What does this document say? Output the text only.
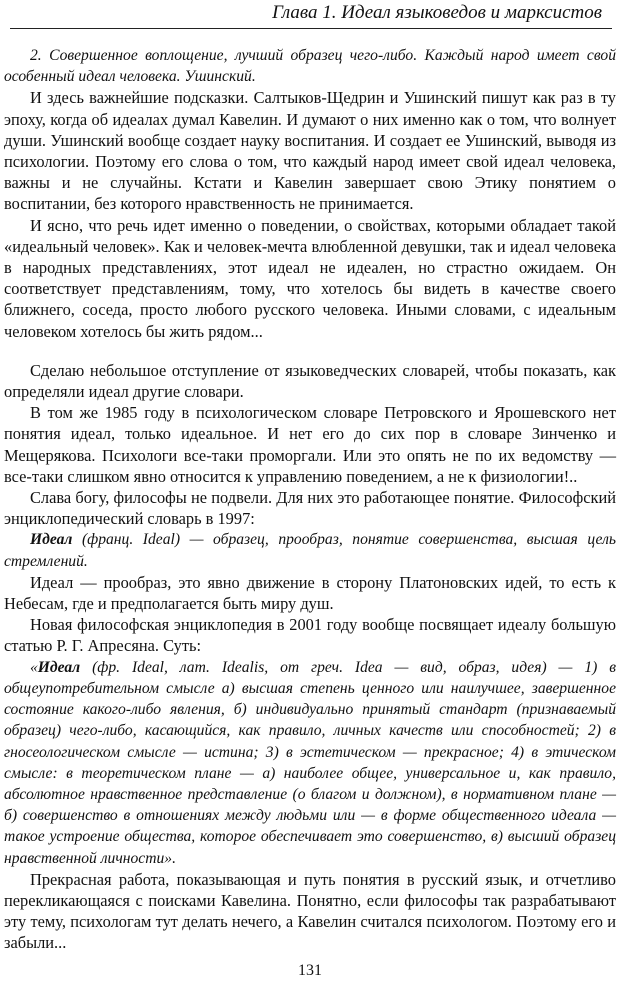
Глава 1. Идеал языковедов и марксистов

2. Совершенное воплощение, лучший образец чего-либо. Каждый народ имеет свой особенный идеал человека. Ушинский.

И здесь важнейшие подсказки. Салтыков-Щедрин и Ушинский пишут как раз в ту эпоху, когда об идеалах думал Кавелин. И думают о них именно как о том, что волнует души. Ушинский вообще создает науку воспитания. И создает ее Ушинский, выводя из психологии. Поэтому его слова о том, что каждый народ имеет свой идеал человека, важны и не случайны. Кстати и Кавелин завершает свою Этику понятием о воспитании, без которого нравственность не принимается.

И ясно, что речь идет именно о поведении, о свойствах, которыми обладает такой «идеальный человек». Как и человек-мечта влюбленной девушки, так и идеал человека в народных представлениях, этот идеал не идеален, но страстно ожидаем. Он соответствует представлениям, тому, что хотелось бы видеть в качестве своего ближнего, соседа, просто любого русского человека. Иными словами, с идеальным человеком хотелось бы жить рядом...

Сделаю небольшое отступление от языковедческих словарей, чтобы показать, как определяли идеал другие словари.

В том же 1985 году в психологическом словаре Петровского и Ярошевского нет понятия идеал, только идеальное. И нет его до сих пор в словаре Зинченко и Мещерякова. Психологи все-таки проморгали. Или это опять не по их ведомству — все-таки слишком явно относится к управлению поведением, а не к физиологии!..

Слава богу, философы не подвели. Для них это работающее понятие. Философский энциклопедический словарь в 1997:

Идеал (франц. Ideal) — образец, прообраз, понятие совершенства, высшая цель стремлений.

Идеал — прообраз, это явно движение в сторону Платоновских идей, то есть к Небесам, где и предполагается быть миру душ.

Новая философская энциклопедия в 2001 году вообще посвящает идеалу большую статью Р. Г. Апресяна. Суть:

«Идеал (фр. Ideal, лат. Idealis, от греч. Idea — вид, образ, идея) — 1) в общеупотребительном смысле а) высшая степень ценного или наилучшее, завершенное состояние какого-либо явления, б) индивидуально принятый стандарт (признаваемый образец) чего-либо, касающийся, как правило, личных качеств или способностей; 2) в гносеологическом смысле — истина; 3) в эстетическом — прекрасное; 4) в этическом смысле: в теоретическом плане — а) наиболее общее, универсальное и, как правило, абсолютное нравственное представление (о благом и должном), в нормативном плане — б) совершенство в отношениях между людьми или — в форме общественного идеала — такое устроение общества, которое обеспечивает это совершенство, в) высший образец нравственной личности».

Прекрасная работа, показывающая и путь понятия в русский язык, и отчетливо перекликающаяся с поисками Кавелина. Понятно, если философы так разрабатывают эту тему, психологам тут делать нечего, а Кавелин считался психологом. Поэтому его и забыли...

131
